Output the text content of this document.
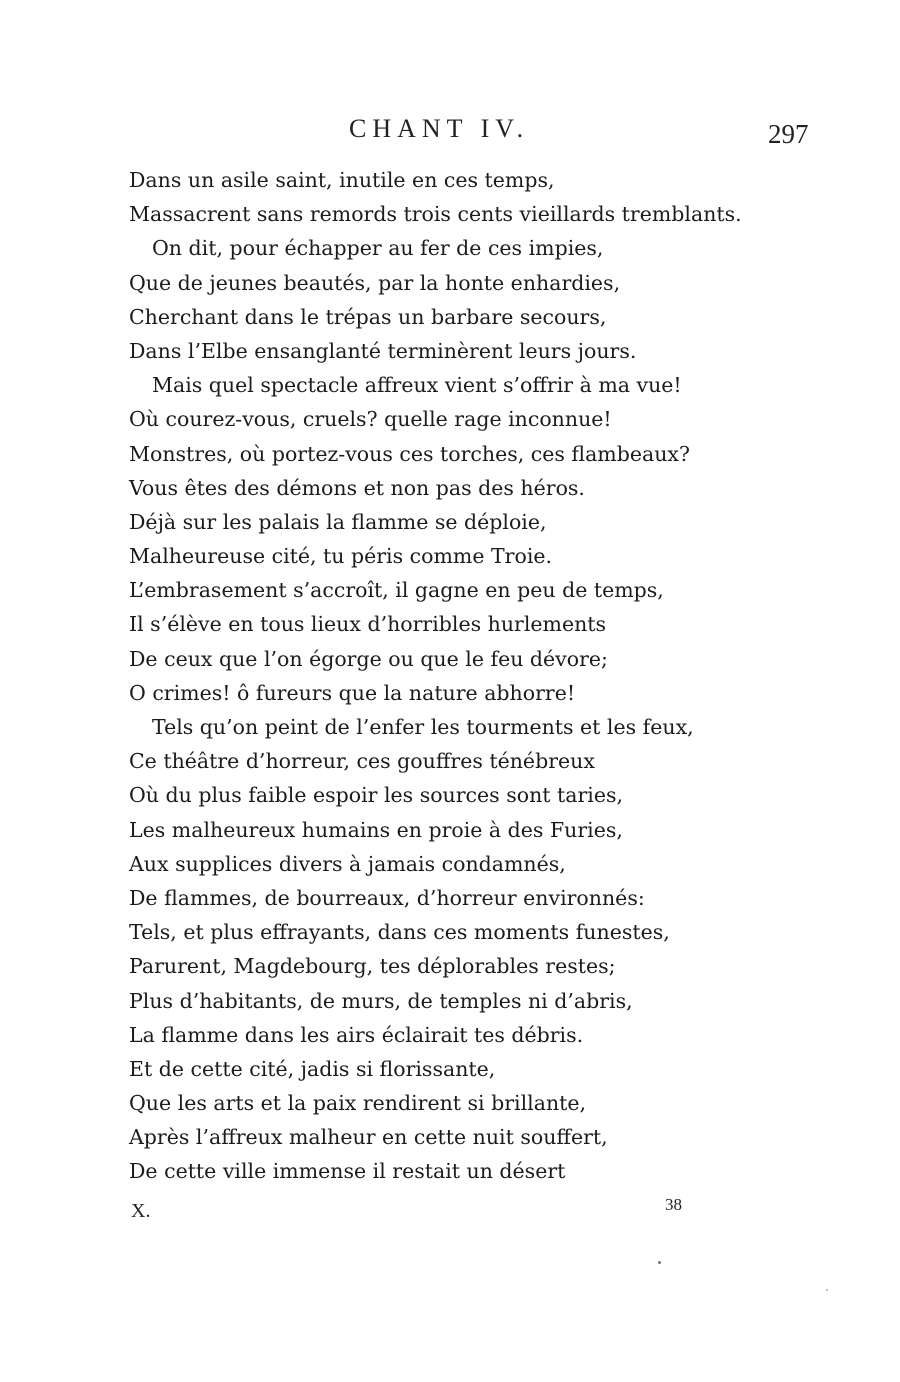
CHANT IV.	297
Dans un asile saint, inutile en ces temps,
Massacrent sans remords trois cents vieillards tremblants.
On dit, pour échapper au fer de ces impies,
Que de jeunes beautés, par la honte enhardies,
Cherchant dans le trépas un barbare secours,
Dans l’Elbe ensanglanté terminèrent leurs jours.
Mais quel spectacle affreux vient s’offrir à ma vue!
Où courez-vous, cruels? quelle rage inconnue!
Monstres, où portez-vous ces torches, ces flambeaux?
Vous êtes des démons et non pas des héros.
Déjà sur les palais la flamme se déploie,
Malheureuse cité, tu péris comme Troie.
L’embrasement s’accroît, il gagne en peu de temps,
Il s’élève en tous lieux d’horribles hurlements
De ceux que l’on égorge ou que le feu dévore;
O crimes! ô fureurs que la nature abhorre!
Tels qu’on peint de l’enfer les tourments et les feux,
Ce théâtre d’horreur, ces gouffres ténébreux
Où du plus faible espoir les sources sont taries,
Les malheureux humains en proie à des Furies,
Aux supplices divers à jamais condamnés,
De flammes, de bourreaux, d’horreur environnés:
Tels, et plus effrayants, dans ces moments funestes,
Parurent, Magdebourg, tes déplorables restes;
Plus d’habitants, de murs, de temples ni d’abris,
La flamme dans les airs éclairait tes débris.
Et de cette cité, jadis si florissante,
Que les arts et la paix rendirent si brillante,
Après l’affreux malheur en cette nuit souffert,
De cette ville immense il restait un désert
X.	38
